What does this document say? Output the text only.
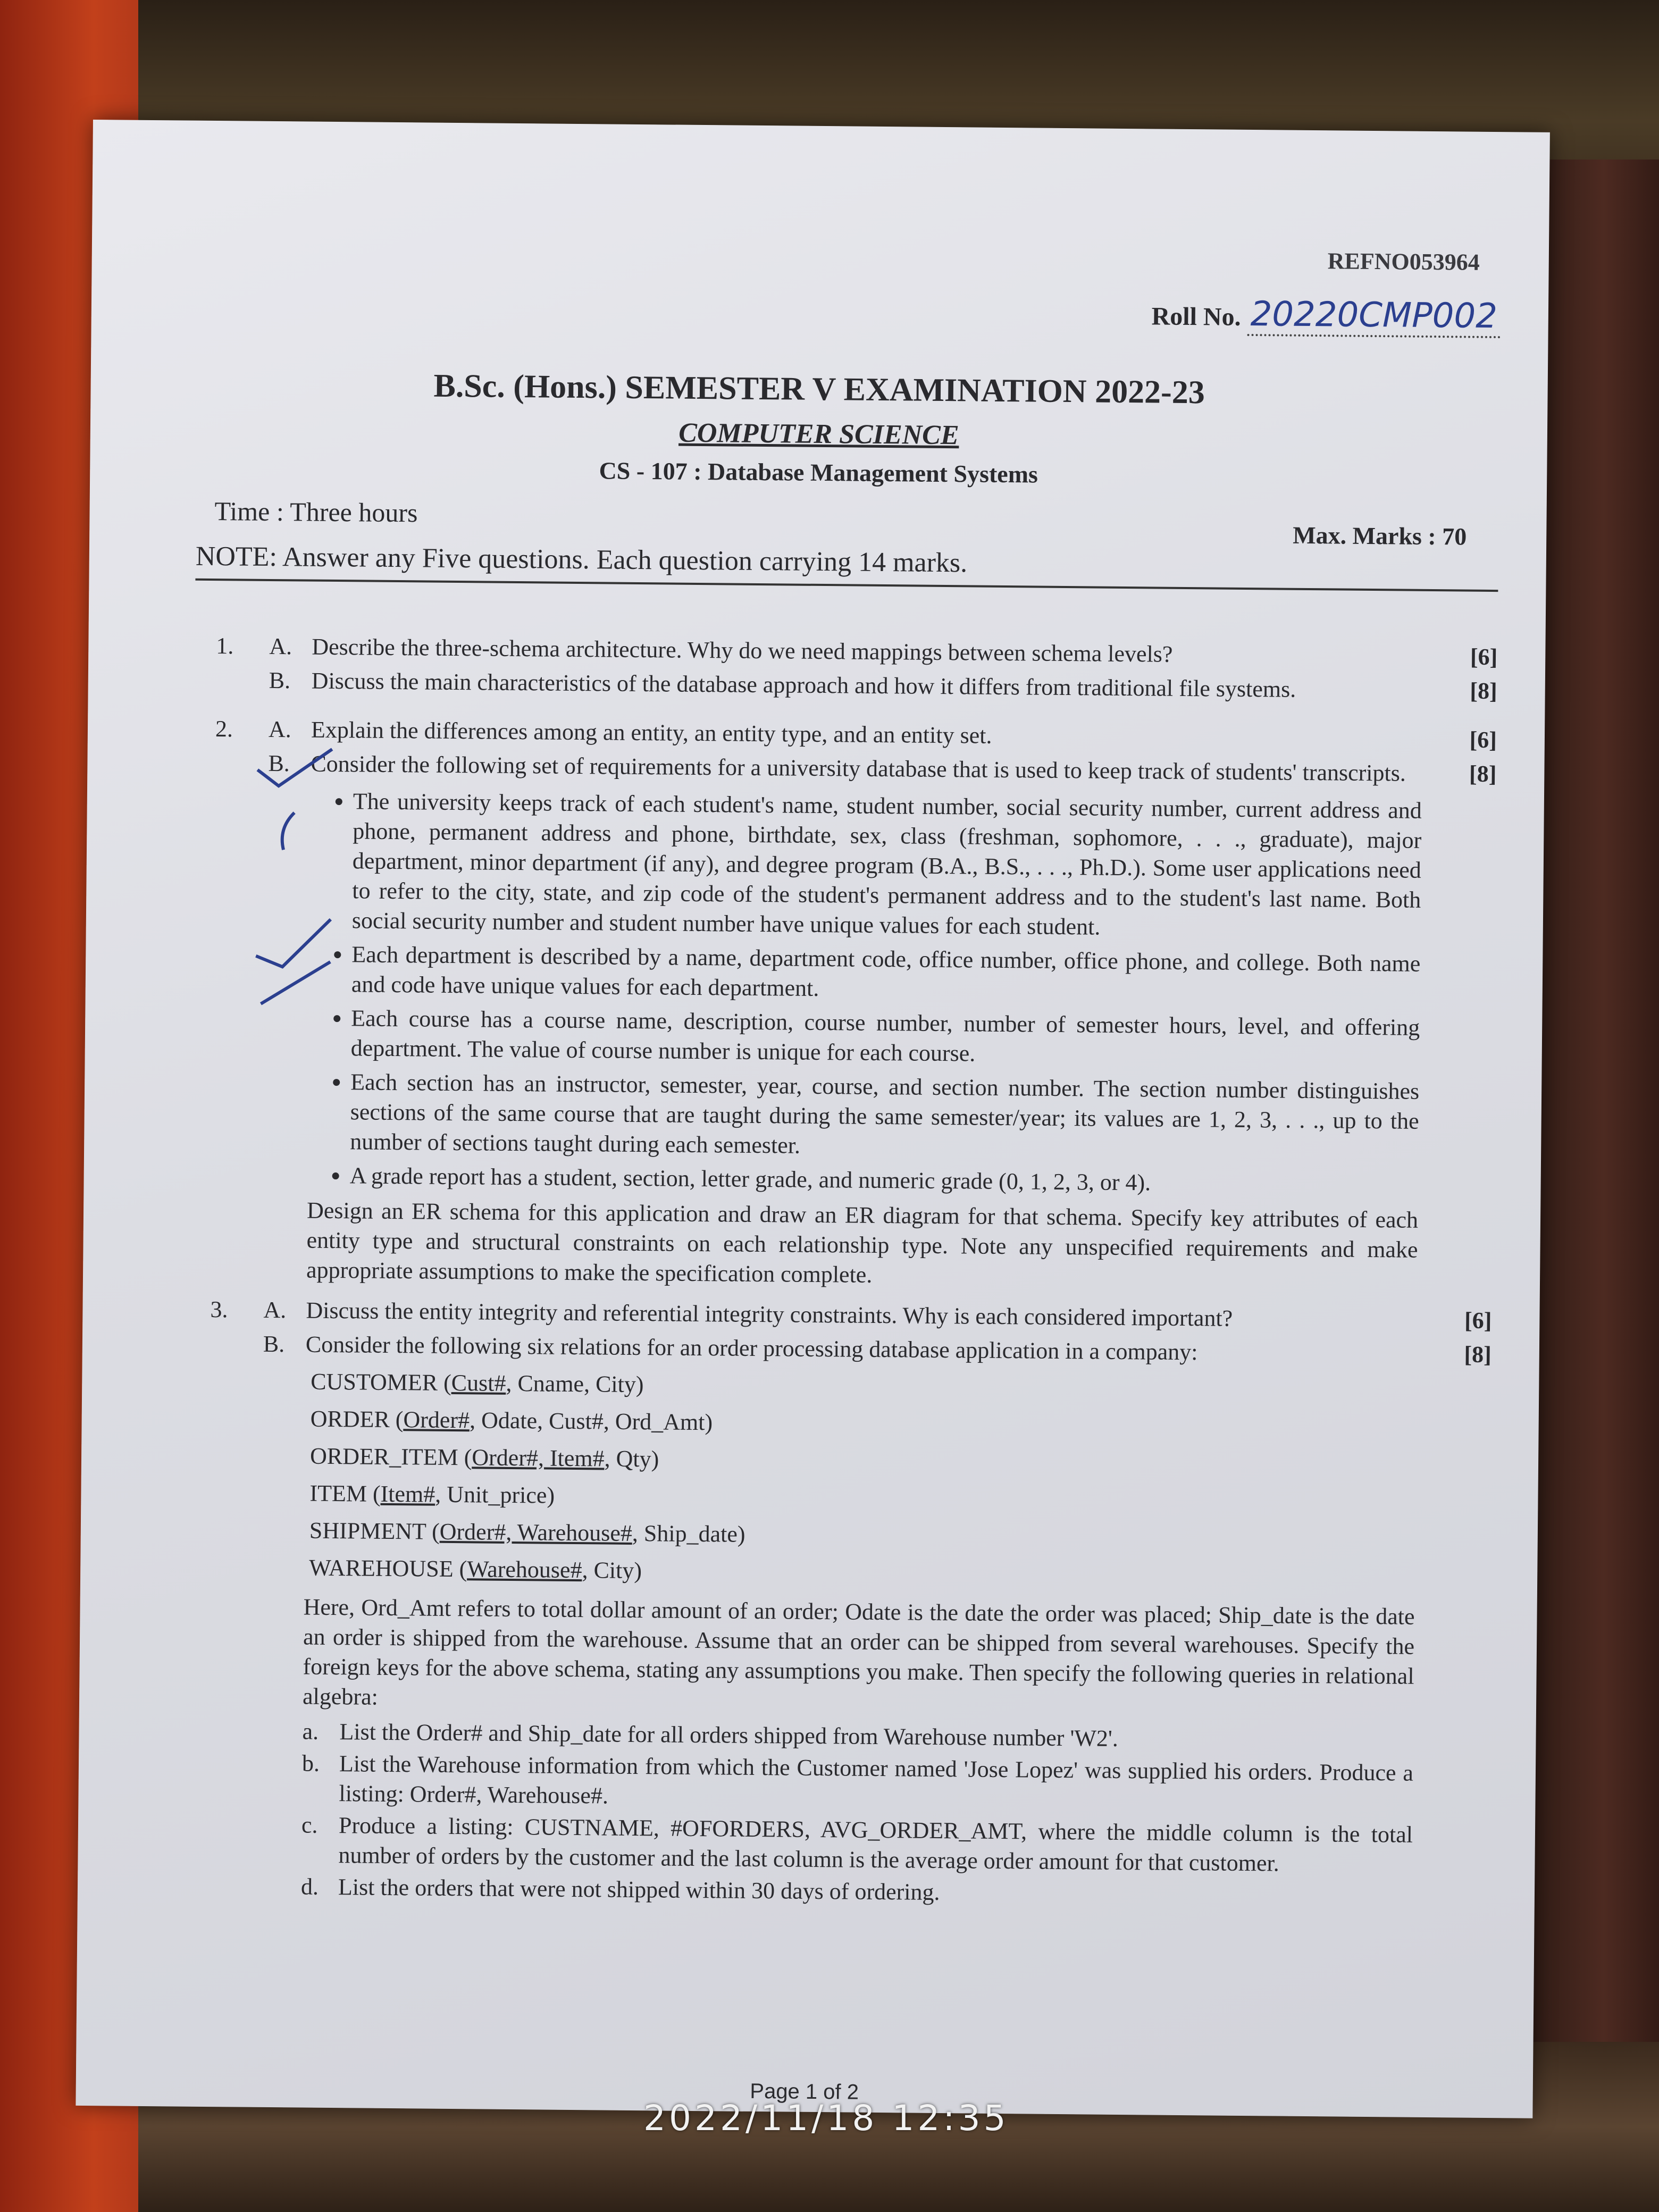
REFNO053964
Roll No. 20220CMP002
B.Sc. (Hons.) SEMESTER V EXAMINATION 2022-23
COMPUTER SCIENCE
CS - 107 : Database Management Systems
Time : Three hours
Max. Marks : 70
NOTE: Answer any Five questions. Each question carrying 14 marks.
1. A. Describe the three-schema architecture. Why do we need mappings between schema levels?	[6]
B. Discuss the main characteristics of the database approach and how it differs from traditional file systems.	[8]
2. A. Explain the differences among an entity, an entity type, and an entity set.	[6]
B. Consider the following set of requirements for a university database that is used to keep track of students' transcripts.	[8]
• The university keeps track of each student's name, student number, social security number, current address and phone, permanent address and phone, birthdate, sex, class (freshman, sophomore, . . ., graduate), major department, minor department (if any), and degree program (B.A., B.S., . . ., Ph.D.). Some user applications need to refer to the city, state, and zip code of the student's permanent address and to the student's last name. Both social security number and student number have unique values for each student.
• Each department is described by a name, department code, office number, office phone, and college. Both name and code have unique values for each department.
• Each course has a course name, description, course number, number of semester hours, level, and offering department. The value of course number is unique for each course.
• Each section has an instructor, semester, year, course, and section number. The section number distinguishes sections of the same course that are taught during the same semester/year; its values are 1, 2, 3, . . ., up to the number of sections taught during each semester.
• A grade report has a student, section, letter grade, and numeric grade (0, 1, 2, 3, or 4).
Design an ER schema for this application and draw an ER diagram for that schema. Specify key attributes of each entity type and structural constraints on each relationship type. Note any unspecified requirements and make appropriate assumptions to make the specification complete.
3. A. Discuss the entity integrity and referential integrity constraints. Why is each considered important?	[6]
B. Consider the following six relations for an order processing database application in a company:	[8]
CUSTOMER (Cust#, Cname, City)
ORDER (Order#, Odate, Cust#, Ord_Amt)
ORDER_ITEM (Order#, Item#, Qty)
ITEM (Item#, Unit_price)
SHIPMENT (Order#, Warehouse#, Ship_date)
WAREHOUSE (Warehouse#, City)
Here, Ord_Amt refers to total dollar amount of an order; Odate is the date the order was placed; Ship_date is the date an order is shipped from the warehouse. Assume that an order can be shipped from several warehouses. Specify the foreign keys for the above schema, stating any assumptions you make. Then specify the following queries in relational algebra:
a. List the Order# and Ship_date for all orders shipped from Warehouse number 'W2'.
b. List the Warehouse information from which the Customer named 'Jose Lopez' was supplied his orders. Produce a listing: Order#, Warehouse#.
c. Produce a listing: CUSTNAME, #OFORDERS, AVG_ORDER_AMT, where the middle column is the total number of orders by the customer and the last column is the average order amount for that customer.
d. List the orders that were not shipped within 30 days of ordering.
Page 1 of 2
2022/11/18 12:35
